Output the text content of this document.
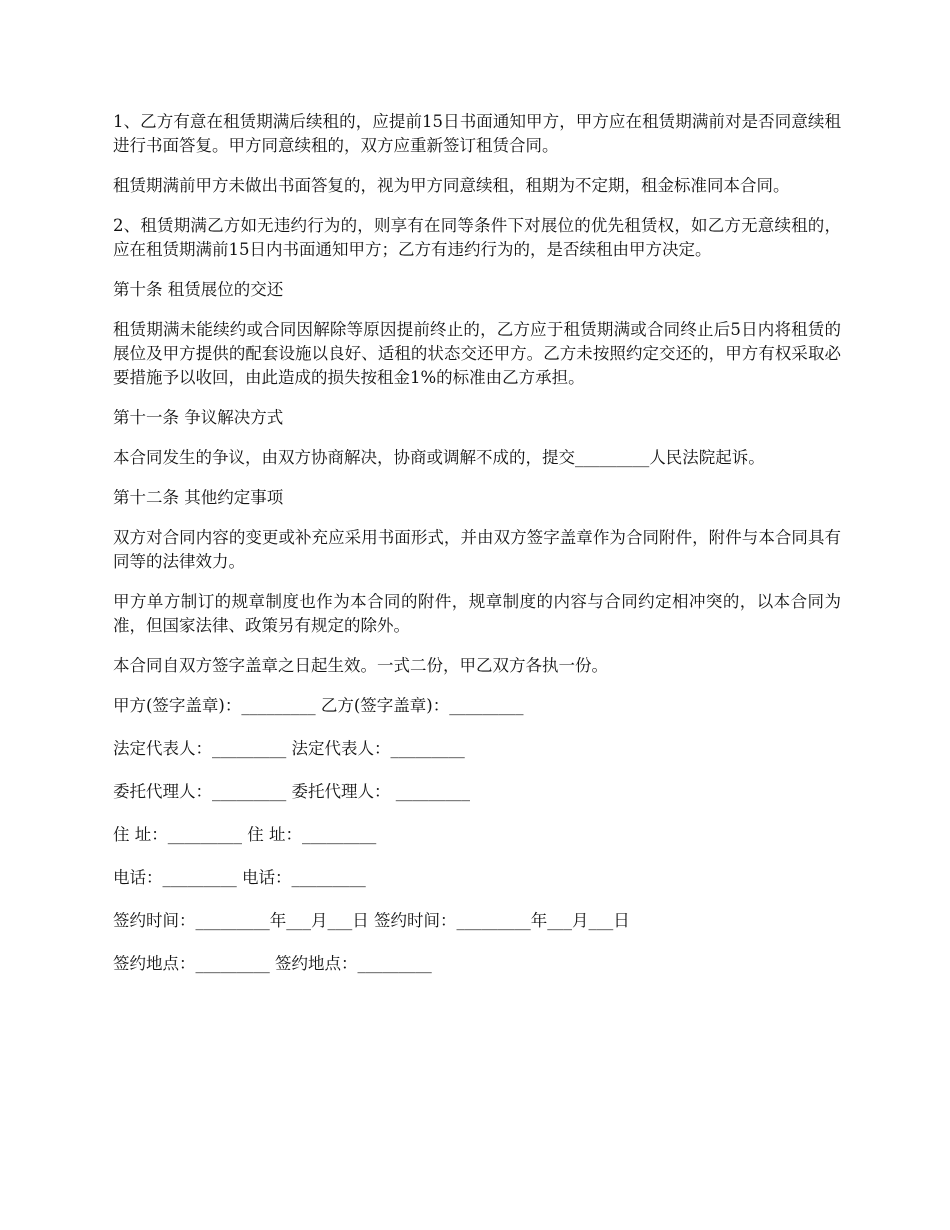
1、乙方有意在租赁期满后续租的，应提前15日书面通知甲方，甲方应在租赁期满前对是否同意续租进行书面答复。甲方同意续租的，双方应重新签订租赁合同。

租赁期满前甲方未做出书面答复的，视为甲方同意续租，租期为不定期，租金标准同本合同。

2、租赁期满乙方如无违约行为的，则享有在同等条件下对展位的优先租赁权，如乙方无意续租的，应在租赁期满前15日内书面通知甲方；乙方有违约行为的，是否续租由甲方决定。

第十条 租赁展位的交还

租赁期满未能续约或合同因解除等原因提前终止的，乙方应于租赁期满或合同终止后5日内将租赁的展位及甲方提供的配套设施以良好、适租的状态交还甲方。乙方未按照约定交还的，甲方有权采取必要措施予以收回，由此造成的损失按租金1%的标准由乙方承担。

第十一条 争议解决方式

本合同发生的争议，由双方协商解决，协商或调解不成的，提交_________人民法院起诉。

第十二条 其他约定事项

双方对合同内容的变更或补充应采用书面形式，并由双方签字盖章作为合同附件，附件与本合同具有同等的法律效力。

甲方单方制订的规章制度也作为本合同的附件，规章制度的内容与合同约定相冲突的，以本合同为准，但国家法律、政策另有规定的除外。

本合同自双方签字盖章之日起生效。一式二份，甲乙双方各执一份。

甲方(签字盖章)：_________ 乙方(签字盖章)：_________

法定代表人：_________ 法定代表人：_________

委托代理人：_________ 委托代理人： _________

住 址：_________ 住 址：_________

电话：_________ 电话：_________

签约时间：_________年___月___日 签约时间：_________年___月___日

签约地点：_________ 签约地点：_________
